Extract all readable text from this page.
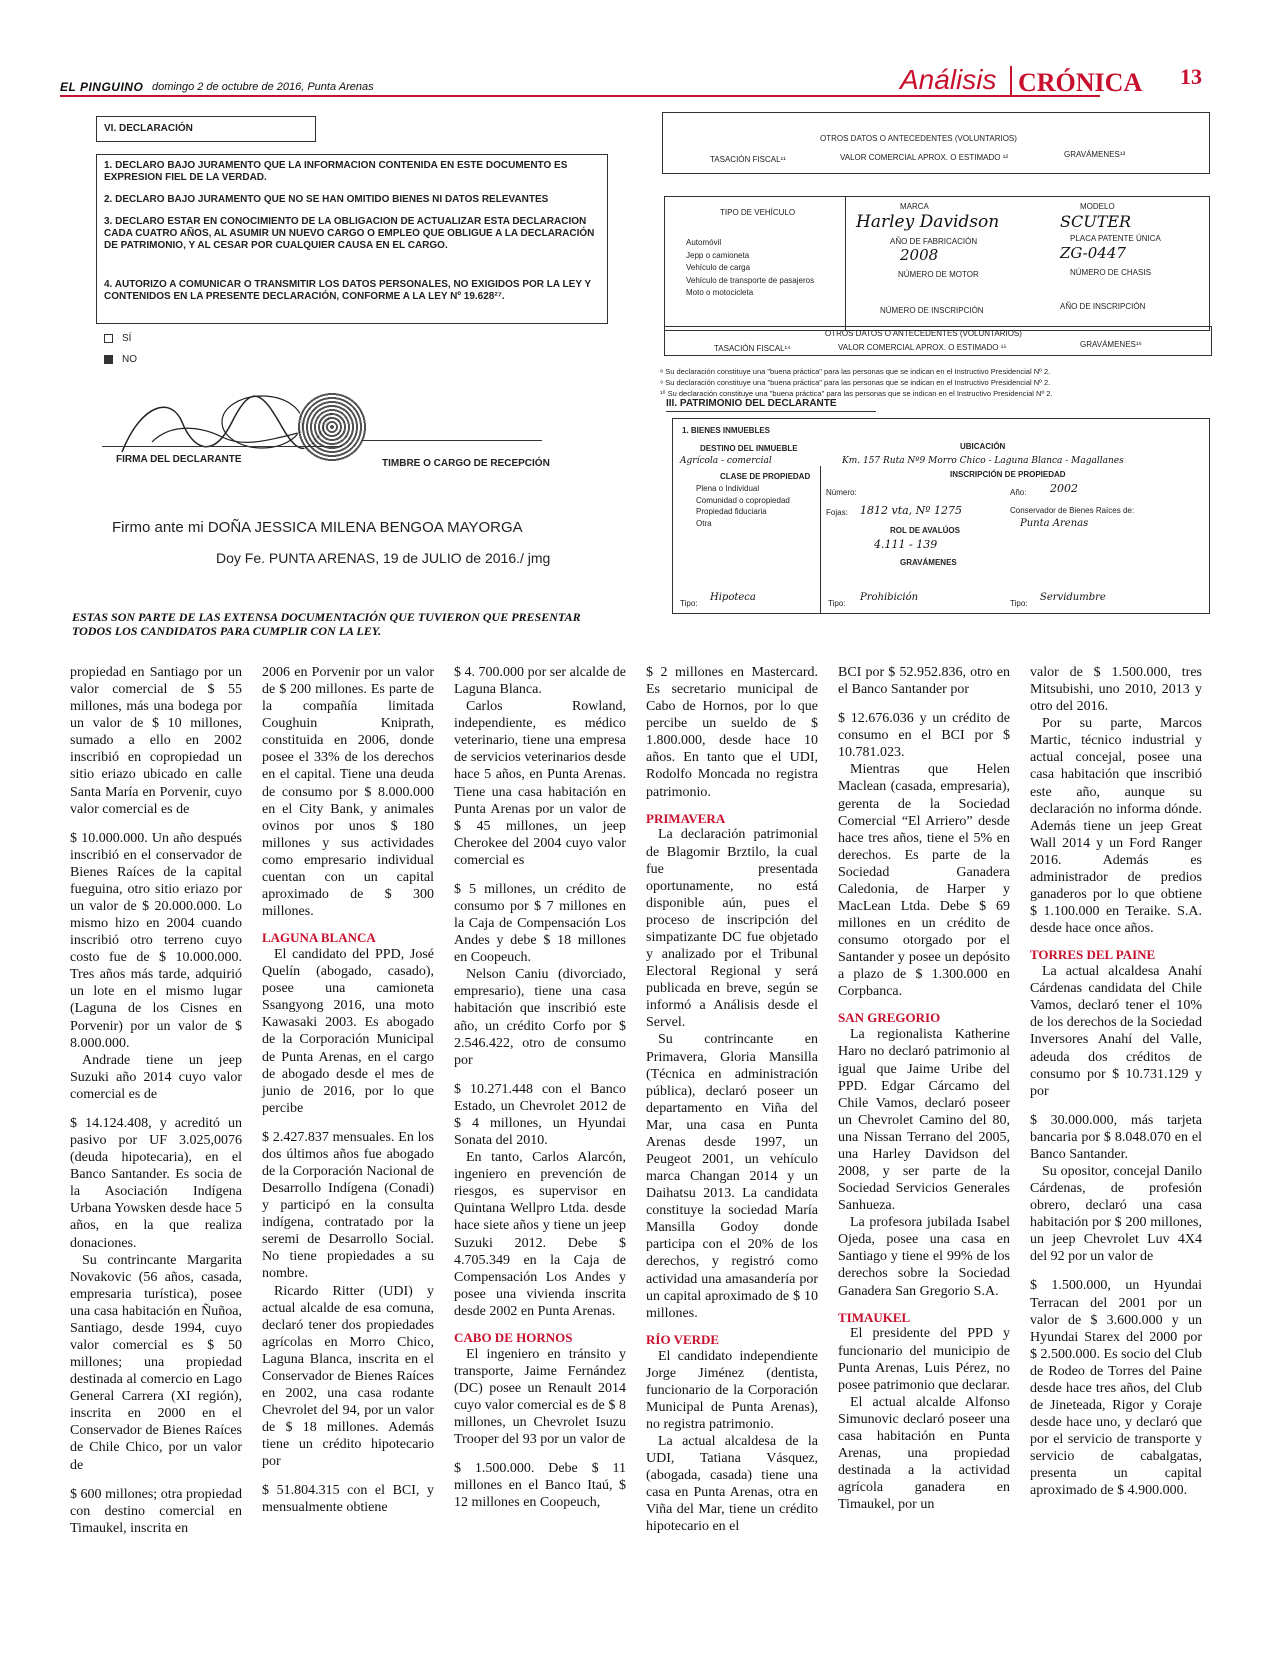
EL PINGUINO domingo 2 de octubre de 2016, Punta Arenas	Análisis CRÓNICA 13
VI. DECLARACIÓN
1. DECLARO BAJO JURAMENTO QUE LA INFORMACION CONTENIDA EN ESTE DOCUMENTO ES EXPRESION FIEL DE LA VERDAD.
2. DECLARO BAJO JURAMENTO QUE NO SE HAN OMITIDO BIENES NI DATOS RELEVANTES
3. DECLARO ESTAR EN CONOCIMIENTO DE LA OBLIGACION DE ACTUALIZAR ESTA DECLARACION CADA CUATRO AÑOS, AL ASUMIR UN NUEVO CARGO O EMPLEO QUE OBLIGUE A LA DECLARACIÓN DE PATRIMONIO, Y AL CESAR POR CUALQUIER CAUSA EN EL CARGO.
4. AUTORIZO A COMUNICAR O TRANSMITIR LOS DATOS PERSONALES, NO EXIGIDOS POR LA LEY Y CONTENIDOS EN LA PRESENTE DECLARACIÓN, CONFORME A LA LEY Nº 19.628²⁷.
SÍ
NO
FIRMA DEL DECLARANTE	TIMBRE O CARGO DE RECEPCIÓN
Firmo ante mi DOÑA JESSICA MILENA BENGOA MAYORGA
Doy Fe. PUNTA ARENAS, 19 de JULIO de 2016./ jmg
OTROS DATOS O ANTECEDENTES (VOLUNTARIOS)
TASACIÓN FISCAL¹¹	VALOR COMERCIAL APROX. O ESTIMADO ¹²	GRAVÁMENES¹³
TIPO DE VEHÍCULO
Automóvil
Jepp o camioneta
Vehículo de carga
Vehículo de transporte de pasajeros
Moto o motocicleta
MARCA
Harley Davidson
MODELO
SCUTER
AÑO DE FABRICACIÓN
2008
PLACA PATENTE ÚNICA
ZG-0447
NÚMERO DE MOTOR	NÚMERO DE CHASIS
NÚMERO DE INSCRIPCIÓN	AÑO DE INSCRIPCIÓN
OTROS DATOS O ANTECEDENTES (VOLUNTARIOS)
TASACIÓN FISCAL¹⁴	VALOR COMERCIAL APROX. O ESTIMADO ¹⁵	GRAVÁMENES¹⁶
⁸ Su declaración constituye una "buena práctica" para las personas que se indican en el Instructivo Presidencial Nº 2.
⁹ Su declaración constituye una "buena práctica" para las personas que se indican en el Instructivo Presidencial Nº 2.
¹⁰ Su declaración constituye una "buena práctica" para las personas que se indican en el Instructivo Presidencial Nº 2.
III. PATRIMONIO DEL DECLARANTE
1. BIENES INMUEBLES
DESTINO DEL INMUEBLE	UBICACIÓN
Agrícola - comercial	Km. 157 Ruta Nº9 Morro Chico - Laguna Blanca - Magallanes
CLASE DE PROPIEDAD	INSCRIPCIÓN DE PROPIEDAD
Plena o Individual
Comunidad o copropiedad
Propiedad fiduciaria
Otra
Número:	Año: 2002
Fojas: 1812 vta, Nº 1275	Conservador de Bienes Raíces de:
Punta Arenas
ROL DE AVALÚOS
4.111 - 139
GRAVÁMENES
Tipo:
Hipoteca
Tipo:
Prohibición
Tipo:
Servidumbre
ESTAS SON PARTE DE LAS EXTENSA DOCUMENTACIÓN QUE TUVIERON QUE PRESENTAR TODOS LOS CANDIDATOS PARA CUMPLIR CON LA LEY.

propiedad en Santiago por un valor comercial de $ 55 millones, más una bodega por un valor de $ 10 millones, sumado a ello en 2002 inscribió en copropiedad un sitio eriazo ubicado en calle Santa María en Porvenir, cuyo valor comercial es de

$ 10.000.000. Un año después inscribió en el conservador de Bienes Raíces de la capital fueguina, otro sitio eriazo por un valor de $ 20.000.000. Lo mismo hizo en 2004 cuando inscribió otro terreno cuyo costo fue de $ 10.000.000. Tres años más tarde, adquirió un lote en el mismo lugar (Laguna de los Cisnes en Porvenir) por un valor de $ 8.000.000.

Andrade tiene un jeep Suzuki año 2014 cuyo valor comercial es de

$ 14.124.408, y acreditó un pasivo por UF 3.025,0076 (deuda hipotecaria), en el Banco Santander. Es socia de la Asociación Indígena Urbana Yowsken desde hace 5 años, en la que realiza donaciones.

Su contrincante Margarita Novakovic (56 años, casada, empresaria turística), posee una casa habitación en Ñuñoa, Santiago, desde 1994, cuyo valor comercial es $ 50 millones; una propiedad destinada al comercio en Lago General Carrera (XI región), inscrita en 2000 en el Conservador de Bienes Raíces de Chile Chico, por un valor de

$ 600 millones; otra propiedad con destino comercial en Timaukel, inscrita en

2006 en Porvenir por un valor de $ 200 millones. Es parte de la compañía limitada Coughuin Kniprath, constituida en 2006, donde posee el 33% de los derechos en el capital. Tiene una deuda de consumo por $ 8.000.000 en el City Bank, y animales ovinos por unos $ 180 millones y sus actividades como empresario individual cuentan con un capital aproximado de $ 300 millones.

LAGUNA BLANCA

El candidato del PPD, José Quelín (abogado, casado), posee una camioneta Ssangyong 2016, una moto Kawasaki 2003. Es abogado de la Corporación Municipal de Punta Arenas, en el cargo de abogado desde el mes de junio de 2016, por lo que percibe

$ 2.427.837 mensuales. En los dos últimos años fue abogado de la Corporación Nacional de Desarrollo Indígena (Conadi) y participó en la consulta indígena, contratado por la seremi de Desarrollo Social. No tiene propiedades a su nombre.

Ricardo Ritter (UDI) y actual alcalde de esa comuna, declaró tener dos propiedades agrícolas en Morro Chico, Laguna Blanca, inscrita en el Conservador de Bienes Raíces en 2002, una casa rodante Chevrolet del 94, por un valor de $ 18 millones. Además tiene un crédito hipotecario por

$ 51.804.315 con el BCI, y mensualmente obtiene

$ 4. 700.000 por ser alcalde de Laguna Blanca.

Carlos Rowland, independiente, es médico veterinario, tiene una empresa de servicios veterinarios desde hace 5 años, en Punta Arenas. Tiene una casa habitación en Punta Arenas por un valor de $ 45 millones, un jeep Cherokee del 2004 cuyo valor comercial es

$ 5 millones, un crédito de consumo por $ 7 millones en la Caja de Compensación Los Andes y debe $ 18 millones en Coopeuch.

Nelson Caniu (divorciado, empresario), tiene una casa habitación que inscribió este año, un crédito Corfo por $ 2.546.422, otro de consumo por

$ 10.271.448 con el Banco Estado, un Chevrolet 2012 de $ 4 millones, un Hyundai Sonata del 2010.

En tanto, Carlos Alarcón, ingeniero en prevención de riesgos, es supervisor en Quintana Wellpro Ltda. desde hace siete años y tiene un jeep Suzuki 2012. Debe $ 4.705.349 en la Caja de Compensación Los Andes y posee una vivienda inscrita desde 2002 en Punta Arenas.

CABO DE HORNOS

El ingeniero en tránsito y transporte, Jaime Fernández (DC) posee un Renault 2014 cuyo valor comercial es de $ 8 millones, un Chevrolet Isuzu Trooper del 93 por un valor de

$ 1.500.000. Debe $ 11 millones en el Banco Itaú, $ 12 millones en Coopeuch,

$ 2 millones en Mastercard. Es secretario municipal de Cabo de Hornos, por lo que percibe un sueldo de $ 1.800.000, desde hace 10 años. En tanto que el UDI, Rodolfo Moncada no registra patrimonio.

PRIMAVERA

La declaración patrimonial de Blagomir Brztilo, la cual fue presentada oportunamente, no está disponible aún, pues el proceso de inscripción del simpatizante DC fue objetado y analizado por el Tribunal Electoral Regional y será publicada en breve, según se informó a Análisis desde el Servel.

Su contrincante en Primavera, Gloria Mansilla (Técnica en administración pública), declaró poseer un departamento en Viña del Mar, una casa en Punta Arenas desde 1997, un Peugeot 2001, un vehículo marca Changan 2014 y un Daihatsu 2013. La candidata constituye la sociedad María Mansilla Godoy donde participa con el 20% de los derechos, y registró como actividad una amasandería por un capital aproximado de $ 10 millones.

RÍO VERDE

El candidato independiente Jorge Jiménez (dentista, funcionario de la Corporación Municipal de Punta Arenas), no registra patrimonio.

La actual alcaldesa de la UDI, Tatiana Vásquez, (abogada, casada) tiene una casa en Punta Arenas, otra en Viña del Mar, tiene un crédito hipotecario en el

BCI por $ 52.952.836, otro en el Banco Santander por

$ 12.676.036 y un crédito de consumo en el BCI por $ 10.781.023.

Mientras que Helen Maclean (casada, empresaria), gerenta de la Sociedad Comercial “El Arriero” desde hace tres años, tiene el 5% en derechos. Es parte de la Sociedad Ganadera Caledonia, de Harper y MacLean Ltda. Debe $ 69 millones en un crédito de consumo otorgado por el Santander y posee un depósito a plazo de $ 1.300.000 en Corpbanca.

SAN GREGORIO

La regionalista Katherine Haro no declaró patrimonio al igual que Jaime Uribe del PPD. Edgar Cárcamo del Chile Vamos, declaró poseer un Chevrolet Camino del 80, una Nissan Terrano del 2005, una Harley Davidson del 2008, y ser parte de la Sociedad Servicios Generales Sanhueza.

La profesora jubilada Isabel Ojeda, posee una casa en Santiago y tiene el 99% de los derechos sobre la Sociedad Ganadera San Gregorio S.A.

TIMAUKEL

El presidente del PPD y funcionario del municipio de Punta Arenas, Luis Pérez, no posee patrimonio que declarar.

El actual alcalde Alfonso Simunovic declaró poseer una casa habitación en Punta Arenas, una propiedad destinada a la actividad agrícola ganadera en Timaukel, por un

valor de $ 1.500.000, tres Mitsubishi, uno 2010, 2013 y otro del 2016.

Por su parte, Marcos Martic, técnico industrial y actual concejal, posee una casa habitación que inscribió este año, aunque su declaración no informa dónde. Además tiene un jeep Great Wall 2014 y un Ford Ranger 2016. Además es administrador de predios ganaderos por lo que obtiene $ 1.100.000 en Teraike. S.A. desde hace once años.

TORRES DEL PAINE

La actual alcaldesa Anahí Cárdenas candidata del Chile Vamos, declaró tener el 10% de los derechos de la Sociedad Inversores Anahí del Valle, adeuda dos créditos de consumo por $ 10.731.129 y por

$ 30.000.000, más tarjeta bancaria por $ 8.048.070 en el Banco Santander.

Su opositor, concejal Danilo Cárdenas, de profesión obrero, declaró una casa habitación por $ 200 millones, un jeep Chevrolet Luv 4X4 del 92 por un valor de

$ 1.500.000, un Hyundai Terracan del 2001 por un valor de $ 3.600.000 y un Hyundai Starex del 2000 por $ 2.500.000. Es socio del Club de Rodeo de Torres del Paine desde hace tres años, del Club de Jineteada, Rigor y Coraje desde hace uno, y declaró que por el servicio de transporte y servicio de cabalgatas, presenta un capital aproximado de $ 4.900.000.
